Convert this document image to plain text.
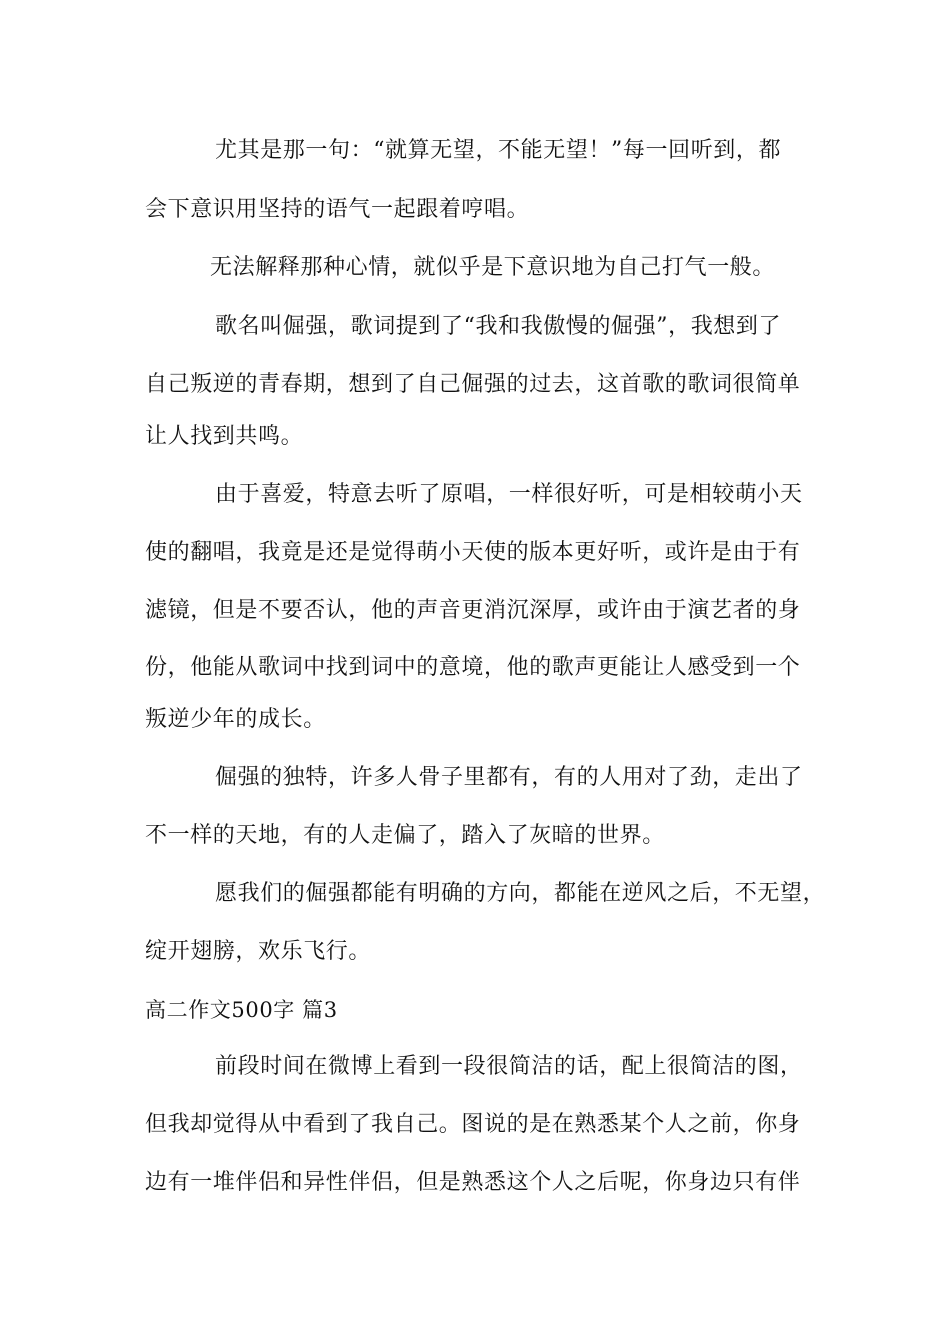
尤其是那一句：“就算无望，不能无望！”每一回听到，都
会下意识用坚持的语气一起跟着哼唱。
无法解释那种心情，就似乎是下意识地为自己打气一般。
歌名叫倔强，歌词提到了“我和我傲慢的倔强”，我想到了
自己叛逆的青春期，想到了自己倔强的过去，这首歌的歌词很简单
让人找到共鸣。
由于喜爱，特意去听了原唱，一样很好听，可是相较萌小天
使的翻唱，我竟是还是觉得萌小天使的版本更好听，或许是由于有
滤镜，但是不要否认，他的声音更消沉深厚，或许由于演艺者的身
份，他能从歌词中找到词中的意境，他的歌声更能让人感受到一个
叛逆少年的成长。
倔强的独特，许多人骨子里都有，有的人用对了劲，走出了
不一样的天地，有的人走偏了，踏入了灰暗的世界。
愿我们的倔强都能有明确的方向，都能在逆风之后，不无望，
绽开翅膀，欢乐飞行。
高二作文500字 篇3
前段时间在微博上看到一段很简洁的话，配上很简洁的图，
但我却觉得从中看到了我自己。图说的是在熟悉某个人之前，你身
边有一堆伴侣和异性伴侣，但是熟悉这个人之后呢，你身边只有伴
